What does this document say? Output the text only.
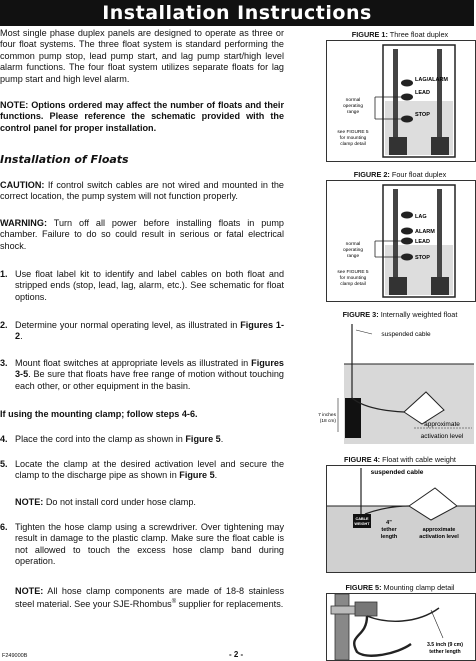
Installation Instructions

Most single phase duplex panels are designed to operate as three or four float systems. The three float system is standard performing the common pump stop, lead pump start, and lag pump start/high level alarm functions. The four float system utilizes separate floats for lag pump start and high level alarm.

NOTE: Options ordered may affect the number of floats and their functions. Please reference the schematic provided with the control panel for proper installation.

Installation of Floats

CAUTION: If control switch cables are not wired and mounted in the correct location, the pump system will not function properly.

WARNING: Turn off all power before installing floats in pump chamber. Failure to do so could result in serious or fatal electrical shock.

1. Use float label kit to identify and label cables on both float and stripped ends (stop, lead, lag, alarm, etc.). See schematic for float options.

2. Determine your normal operating level, as illustrated in Figures 1-2.

3. Mount float switches at appropriate levels as illustrated in Figures 3-5. Be sure that floats have free range of motion without touching each other, or other equipment in the basin.

If using the mounting clamp; follow steps 4-6.

4. Place the cord into the clamp as shown in Figure 5.

5. Locate the clamp at the desired activation level and secure the clamp to the discharge pipe as shown in Figure 5.

NOTE: Do not install cord under hose clamp.

6. Tighten the hose clamp using a screwdriver. Over tightening may result in damage to the plastic clamp. Make sure the float cable is not allowed to touch the excess hose clamp band during operation.

NOTE: All hose clamp components are made of 18-8 stainless steel material. See your SJE-Rhombus® supplier for replacements.

FIGURE 1: Three float duplex
LAG/ALARM
LEAD
STOP
normal
operating
range
see FIGURE 5
for mounting
clamp detail
FIGURE 2: Four float duplex
LAG
ALARM
LEAD
STOP
normal
operating
range
see FIGURE 5
for mounting
clamp detail
FIGURE 3: Internally weighted float
7 inches
(18 cm)
suspended cable
approximate
activation level
FIGURE 4: Float with cable weight
suspended cable
CABLE
WEIGHT	4"
tether
length
approximate
activation level
FIGURE 5: Mounting clamp detail
3.5 inch (9 cm)
tether length
F249000B	- 2 -
